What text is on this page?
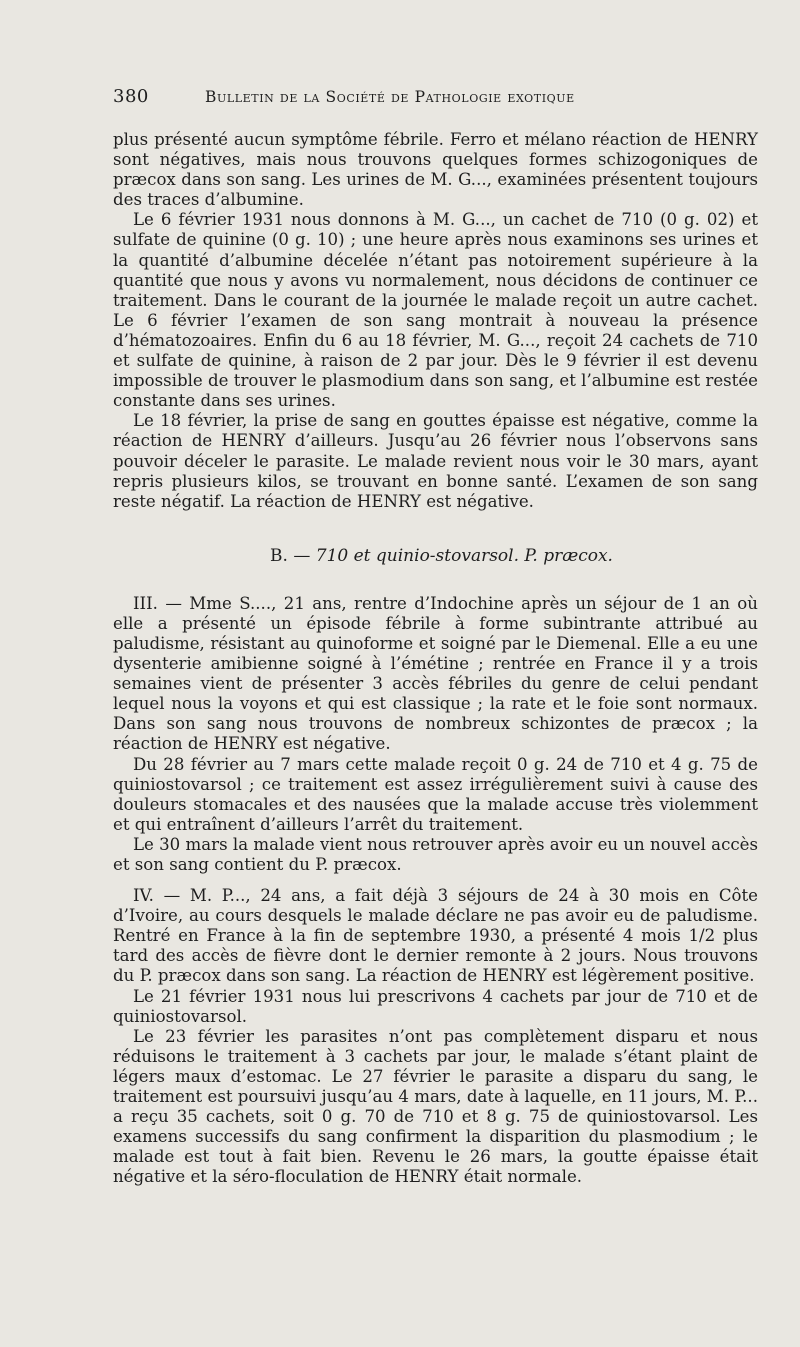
380	Bulletin de la Société de Pathologie exotique

plus présenté aucun symptôme fébrile. Ferro et mélano réaction de HENRY sont négatives, mais nous trouvons quelques formes schizogoniques de præcox dans son sang. Les urines de M. G..., examinées présentent toujours des traces d’albumine.

Le 6 février 1931 nous donnons à M. G..., un cachet de 710 (0 g. 02) et sulfate de quinine (0 g. 10) ; une heure après nous examinons ses urines et la quantité d’albumine décelée n’étant pas notoirement supérieure à la quantité que nous y avons vu normalement, nous décidons de continuer ce traitement. Dans le courant de la journée le malade reçoit un autre cachet. Le 6 février l’examen de son sang montrait à nouveau la présence d’hématozoaires. Enfin du 6 au 18 février, M. G..., reçoit 24 cachets de 710 et sulfate de quinine, à raison de 2 par jour. Dès le 9 février il est devenu impossible de trouver le plasmodium dans son sang, et l’albumine est restée constante dans ses urines.

Le 18 février, la prise de sang en gouttes épaisse est négative, comme la réaction de HENRY d’ailleurs. Jusqu’au 26 février nous l’observons sans pouvoir déceler le parasite. Le malade revient nous voir le 30 mars, ayant repris plusieurs kilos, se trouvant en bonne santé. L’examen de son sang reste négatif. La réaction de HENRY est négative.

B. — 710 et quinio-stovarsol. P. præcox.

III. — Mme S...., 21 ans, rentre d’Indochine après un séjour de 1 an où elle a présenté un épisode fébrile à forme subintrante attribué au paludisme, résistant au quinoforme et soigné par le Diemenal. Elle a eu une dysenterie amibienne soigné à l’émétine ; rentrée en France il y a trois semaines vient de présenter 3 accès fébriles du genre de celui pendant lequel nous la voyons et qui est classique ; la rate et le foie sont normaux. Dans son sang nous trouvons de nombreux schizontes de præcox ; la réaction de HENRY est négative.

Du 28 février au 7 mars cette malade reçoit 0 g. 24 de 710 et 4 g. 75 de quiniostovarsol ; ce traitement est assez irrégulièrement suivi à cause des douleurs stomacales et des nausées que la malade accuse très violemment et qui entraînent d’ailleurs l’arrêt du traitement.

Le 30 mars la malade vient nous retrouver après avoir eu un nouvel accès et son sang contient du P. præcox.

IV. — M. P..., 24 ans, a fait déjà 3 séjours de 24 à 30 mois en Côte d’Ivoire, au cours desquels le malade déclare ne pas avoir eu de paludisme. Rentré en France à la fin de septembre 1930, a présenté 4 mois 1/2 plus tard des accès de fièvre dont le dernier remonte à 2 jours. Nous trouvons du P. præcox dans son sang. La réaction de HENRY est légèrement positive.

Le 21 février 1931 nous lui prescrivons 4 cachets par jour de 710 et de quiniostovarsol.

Le 23 février les parasites n’ont pas complètement disparu et nous réduisons le traitement à 3 cachets par jour, le malade s’étant plaint de légers maux d’estomac. Le 27 février le parasite a disparu du sang, le traitement est poursuivi jusqu’au 4 mars, date à laquelle, en 11 jours, M. P... a reçu 35 cachets, soit 0 g. 70 de 710 et 8 g. 75 de quiniostovarsol. Les examens successifs du sang confirment la disparition du plasmodium ; le malade est tout à fait bien. Revenu le 26 mars, la goutte épaisse était négative et la séro-floculation de HENRY était normale.
